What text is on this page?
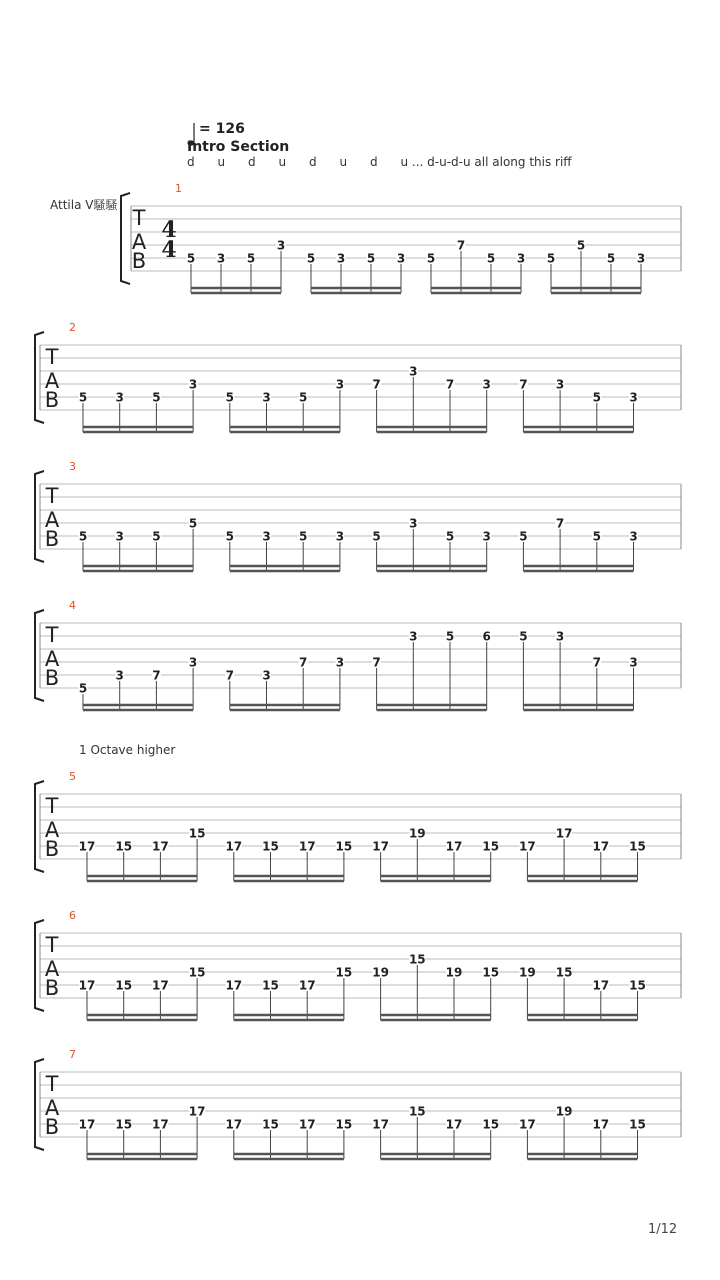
= 126
Intro Section
d      u      d      u      d      u      d      u ... d-u-d-u all along this riff
Attila V騷騷
1 Octave higher
1/12
T
A
B
4
4
1
5 3 5
3
5 3 5 3 5
7
5 3 5
5
5 3
T
A
B
2
5 3 5
3
5 3 5
3 7
3
7 3 7 3
5 3
T
A
B
3
5 3 5
5
5 3 5 3 5
3
5 3 5
7
5 3
T
A
B
4
5
3 7
3
7 3
7 3 7
3 5 6 5 3
7 3
T
A
B
5
17 15 17
15
17 15 17 15 17
19
17 15 17
17
17 15
T
A
B
6
17 15 17
15
17 15 17
15 19
15
19 15 19 15
17 15
T
A
B
7
17 15 17
17
17 15 17 15 17
15
17 15 17
19
17 15
